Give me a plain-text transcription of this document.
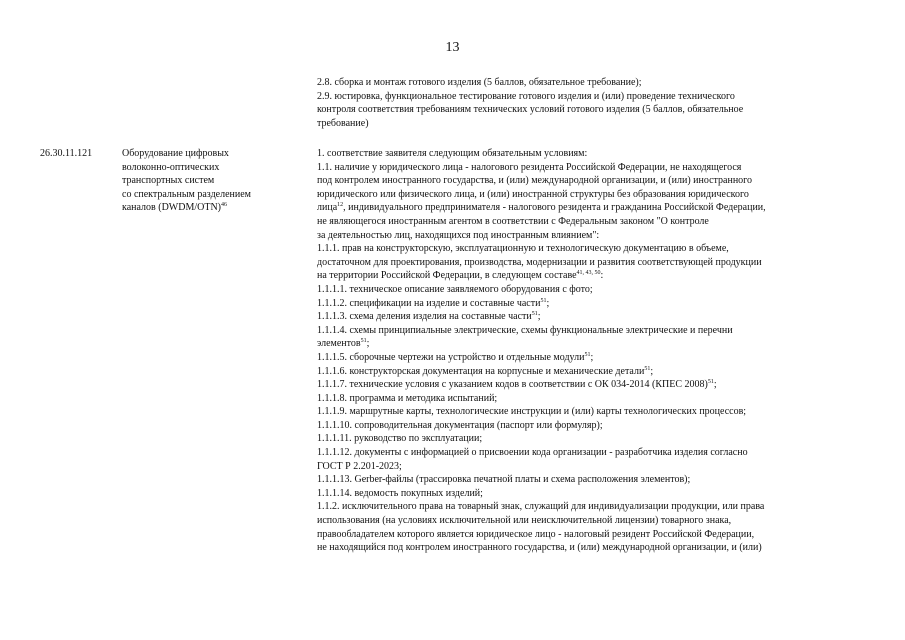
13
2.8. сборка и монтаж готового изделия (5 баллов, обязательное требование);
2.9. юстировка, функциональное тестирование готового изделия и (или) проведение технического
контроля соответствия требованиям технических условий готового изделия (5 баллов, обязательное
требование)
26.30.11.121	Оборудование цифровых
волоконно-оптических
транспортных систем
со спектральным разделением
каналов (DWDM/OTN)$^{46}$
1. соответствие заявителя следующим обязательным условиям:
1.1. наличие у юридического лица - налогового резидента Российской Федерации, не находящегося
под контролем иностранного государства, и (или) международной организации, и (или) иностранного
юридического или физического лица, и (или) иностранной структуры без образования юридического
лица$^{12}$, индивидуального предпринимателя - налогового резидента и гражданина Российской Федерации,
не являющегося иностранным агентом в соответствии с Федеральным законом "О контроле
за деятельностью лиц, находящихся под иностранным влиянием":
1.1.1. прав на конструкторскую, эксплуатационную и технологическую документацию в объеме,
достаточном для проектирования, производства, модернизации и развития соответствующей продукции
на территории Российской Федерации, в следующем составе$^{41, 43, 50}$:
1.1.1.1. техническое описание заявляемого оборудования с фото;
1.1.1.2. спецификации на изделие и составные части$^{51}$;
1.1.1.3. схема деления изделия на составные части$^{51}$;
1.1.1.4. схемы принципиальные электрические, схемы функциональные электрические и перечни
элементов$^{51}$;
1.1.1.5. сборочные чертежи на устройство и отдельные модули$^{51}$;
1.1.1.6. конструкторская документация на корпусные и механические детали$^{51}$;
1.1.1.7. технические условия с указанием кодов в соответствии с ОК 034-2014 (КПЕС 2008)$^{51}$;
1.1.1.8. программа и методика испытаний;
1.1.1.9. маршрутные карты, технологические инструкции и (или) карты технологических процессов;
1.1.1.10. сопроводительная документация (паспорт или формуляр);
1.1.1.11. руководство по эксплуатации;
1.1.1.12. документы с информацией о присвоении кода организации - разработчика изделия согласно
ГОСТ Р 2.201-2023;
1.1.1.13. Gerber-файлы (трассировка печатной платы и схема расположения элементов);
1.1.1.14. ведомость покупных изделий;
1.1.2. исключительного права на товарный знак, служащий для индивидуализации продукции, или права
использования (на условиях исключительной или неисключительной лицензии) товарного знака,
правообладателем которого является юридическое лицо - налоговый резидент Российской Федерации,
не находящийся под контролем иностранного государства, и (или) международной организации, и (или)
